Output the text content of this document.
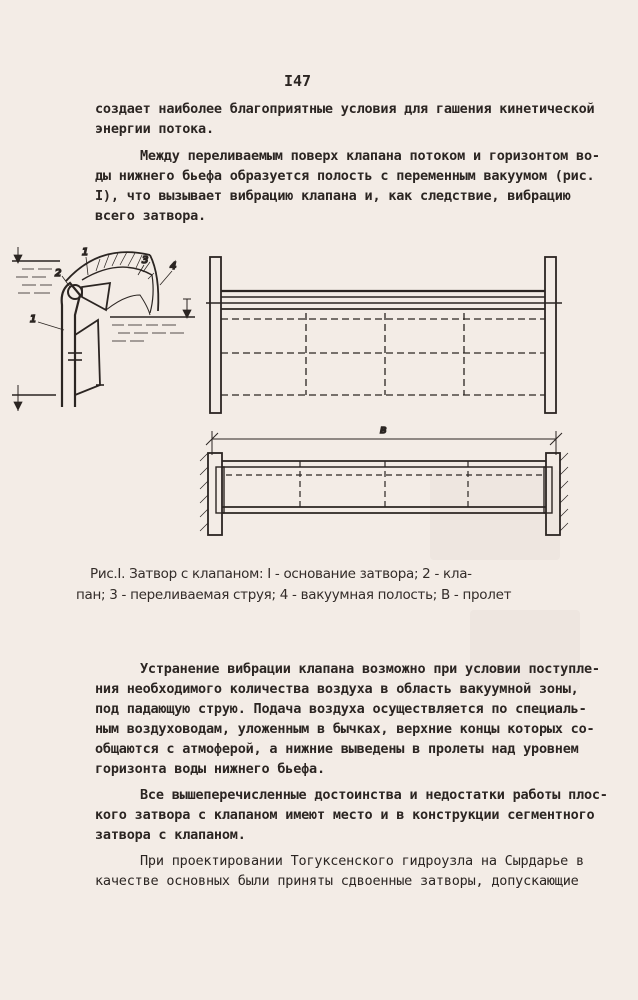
I47
создает наиболее благоприятные условия для гашения кинетической
энергии потока.
Между переливаемым поверх клапана потоком и горизонтом во-
ды нижнего бьефа образуется полость с переменным вакуумом (рис.
I), что вызывает вибрацию клапана и, как следствие, вибрацию
всего затвора.
1
2
1
3
4
в
Рис.I. Затвор с клапаном: I - основание затвора; 2 - кла-
пан; 3 - переливаемая струя; 4 - вакуумная полость; В - пролет
Устранение вибрации клапана возможно при условии поступле-
ния необходимого количества воздуха в область вакуумной зоны,
под падающую струю. Подача воздуха осуществляется по специаль-
ным воздуховодам, уложенным в бычках, верхние концы которых со-
общаются с атмоферой, а нижние выведены в пролеты над уровнем
горизонта воды нижнего бьефа.
Все вышеперечисленные достоинства и недостатки работы плос-
кого затвора с клапаном имеют место и в конструкции сегментного
затвора с клапаном.
При проектировании Тогуксенского гидроузла на Сырдарье в
качестве основных были приняты сдвоенные затворы, допускающие
